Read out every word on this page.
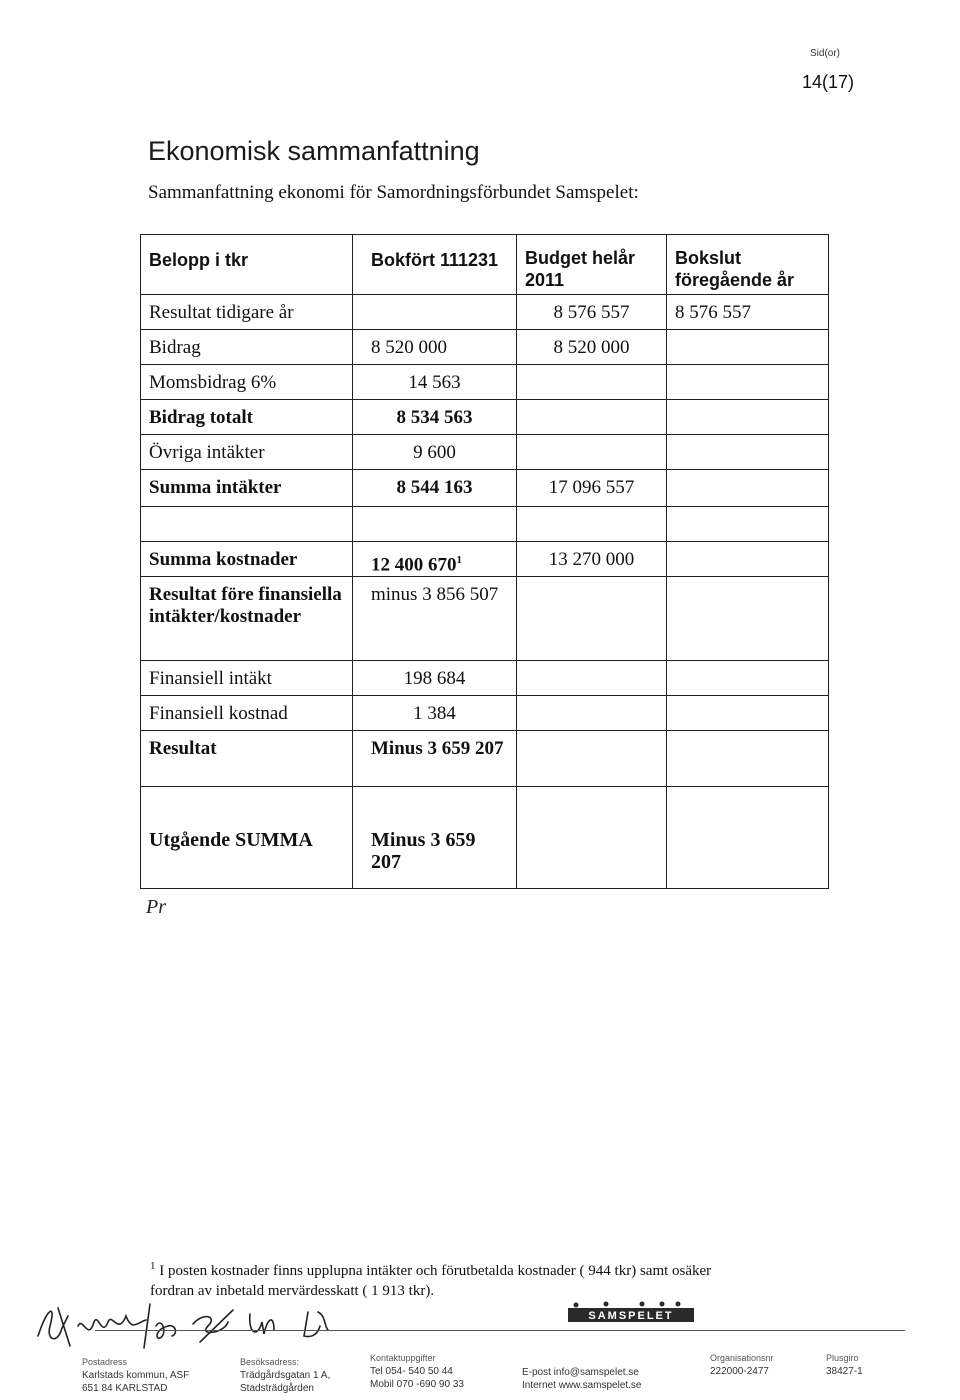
Sid(or)
14(17)
Ekonomisk sammanfattning
Sammanfattning ekonomi för Samordningsförbundet Samspelet:
Belopp i tkr	Bokfört 111231	Budget helår 2011	Bokslut föregående år
Resultat tidigare år		8 576 557	8 576 557
Bidrag	8 520 000	8 520 000	
Momsbidrag 6%	14 563		
Bidrag totalt	8 534 563		
Övriga intäkter	9 600		
Summa intäkter	8 544 163	17 096 557	

Summa kostnader	12 400 $670^1$	13 270 000	
Resultat före finansiella intäkter/kostnader	minus 3 856 507		
Finansiell intäkt	198 684		
Finansiell kostnad	1 384		
Resultat	Minus 3 659 207		
Utgående SUMMA	Minus 3 659 207		
Pr
$^1$ I posten kostnader finns upplupna intäkter och förutbetalda kostnader ( 944 tkr) samt osäker fordran av inbetald mervärdesskatt ( 1 913 tkr).
SAMSPELET
Postadress
Karlstads kommun, ASF
651 84 KARLSTAD
Besöksadress:
Trädgårdsgatan 1 A,
Stadsträdgården
Kontaktuppgifter
Tel 054- 540 50 44
Mobil 070 -690 90 33
E-post info@samspelet.se
Internet www.samspelet.se
Organisationsnr
222000-2477
Plusgiro
38427-1
